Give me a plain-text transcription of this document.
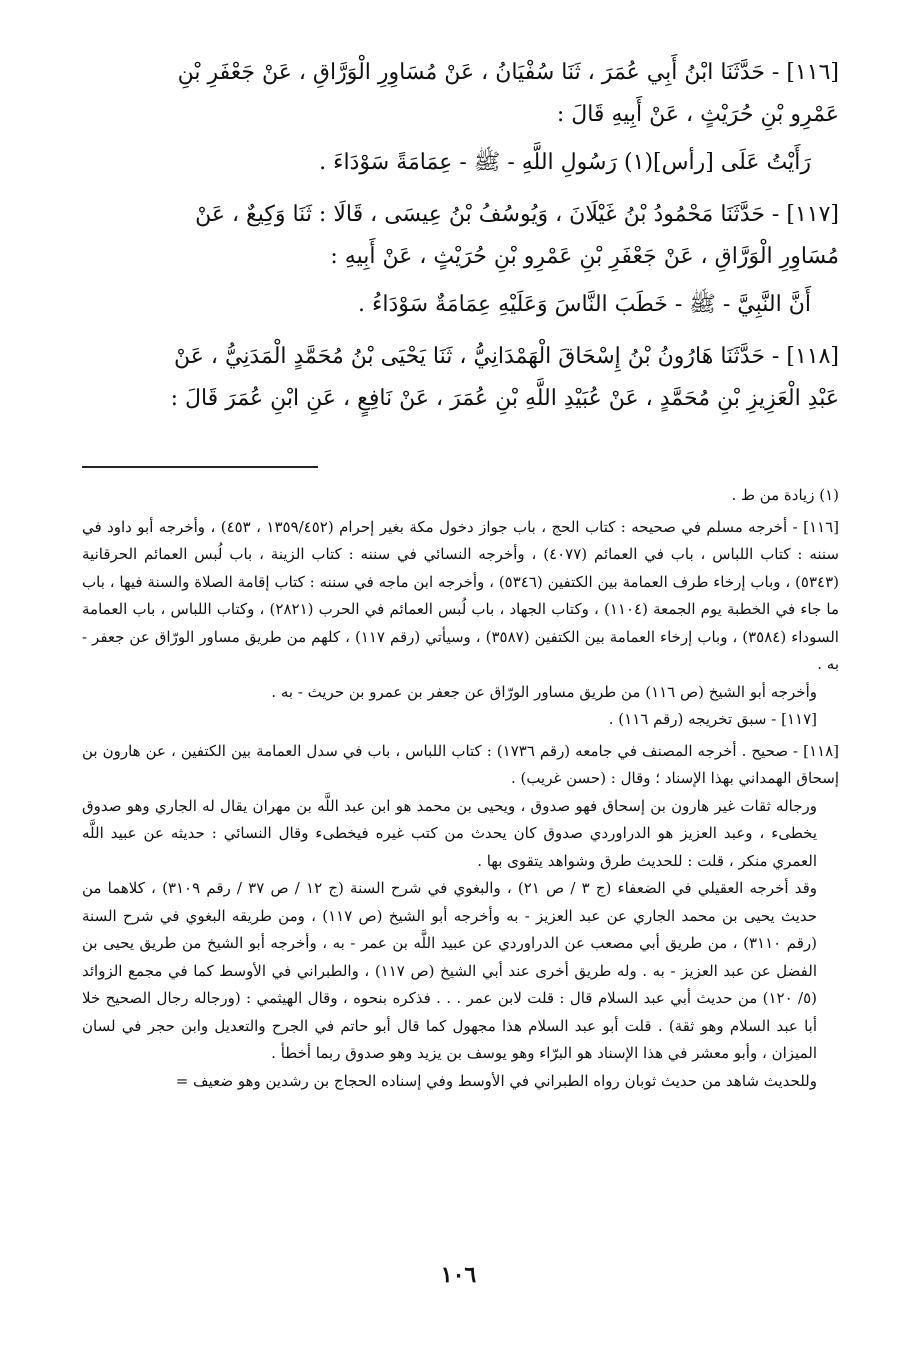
[١١٦] - حَدَّثَنَا ابْنُ أَبِي عُمَرَ ، ثَنَا سُفْيَانُ ، عَنْ مُسَاوِرِ الْوَرَّاقِ ، عَنْ جَعْفَرِ بْنِ

عَمْرِو بْنِ حُرَيْثٍ ، عَنْ أَبِيهِ قَالَ :

رَأَيْتُ عَلَى [رأس](١) رَسُولِ اللَّهِ - ﷺ - عِمَامَةً سَوْدَاءَ .

[١١٧] - حَدَّثَنَا مَحْمُودُ بْنُ غَيْلَانَ ، وَيُوسُفُ بْنُ عِيسَى ، قَالَا : ثَنَا وَكِيعٌ ، عَنْ

مُسَاوِرِ الْوَرَّاقِ ، عَنْ جَعْفَرِ بْنِ عَمْرِو بْنِ حُرَيْثٍ ، عَنْ أَبِيهِ :

أَنَّ النَّبِيَّ - ﷺ - خَطَبَ النَّاسَ وَعَلَيْهِ عِمَامَةٌ سَوْدَاءُ .

[١١٨] - حَدَّثَنَا هَارُونُ بْنُ إِسْحَاقَ الْهَمْدَانِيُّ ، ثَنَا يَحْيَى بْنُ مُحَمَّدٍ الْمَدَنِيُّ ، عَنْ

عَبْدِ الْعَزِيزِ بْنِ مُحَمَّدٍ ، عَنْ عُبَيْدِ اللَّهِ بْنِ عُمَرَ ، عَنْ نَافِعٍ ، عَنِ ابْنِ عُمَرَ قَالَ :

(١) زيادة من ط .

[١١٦] - أخرجه مسلم في صحيحه : كتاب الحج ، باب جواز دخول مكة بغير إحرام (١٣٥٩/٤٥٢ ، ٤٥٣) ، وأخرجه أبو داود في سننه : كتاب اللباس ، باب في العمائم (٤٠٧٧) ، وأخرجه النسائي في سننه : كتاب الزينة ، باب لُبس العمائم الحرقانية (٥٣٤٣) ، وباب إرخاء طرف العمامة بين الكتفين (٥٣٤٦) ، وأخرجه ابن ماجه في سننه : كتاب إقامة الصلاة والسنة فيها ، باب ما جاء في الخطبة يوم الجمعة (١١٠٤) ، وكتاب الجهاد ، باب لُبس العمائم في الحرب (٢٨٢١) ، وكتاب اللباس ، باب العمامة السوداء (٣٥٨٤) ، وباب إرخاء العمامة بين الكتفين (٣٥٨٧) ، وسيأتي (رقم ١١٧) ، كلهم من طريق مساور الورّاق عن جعفر - به .

وأخرجه أبو الشيخ (ص ١١٦) من طريق مساور الورّاق عن جعفر بن عمرو بن حريث - به .

[١١٧] - سبق تخريجه (رقم ١١٦) .

[١١٨] - صحيح . أخرجه المصنف في جامعه (رقم ١٧٣٦) : كتاب اللباس ، باب في سدل العمامة بين الكتفين ، عن هارون بن إسحاق الهمداني بهذا الإسناد ؛ وقال : (حسن غريب) .

ورجاله ثقات غير هارون بن إسحاق فهو صدوق ، ويحيى بن محمد هو ابن عبد اللَّه بن مهران يقال له الجاري وهو صدوق يخطىء ، وعبد العزيز هو الدراوردي صدوق كان يحدث من كتب غيره فيخطىء وقال النسائي : حديثه عن عبيد اللَّه العمري منكر ، قلت : للحديث طرق وشواهد يتقوى بها .

وقد أخرجه العقيلي في الضعفاء (ج ٣ / ص ٢١) ، والبغوي في شرح السنة (ج ١٢ / ص ٣٧ / رقم ٣١٠٩) ، كلاهما من حديث يحيى بن محمد الجاري عن عبد العزيز - به وأخرجه أبو الشيخ (ص ١١٧) ، ومن طريقه البغوي في شرح السنة (رقم ٣١١٠) ، من طريق أبي مصعب عن الدراوردي عن عبيد اللَّه بن عمر - به ، وأخرجه أبو الشيخ من طريق يحيى بن الفضل عن عبد العزيز - به . وله طريق أخرى عند أبي الشيخ (ص ١١٧) ، والطبراني في الأوسط كما في مجمع الزوائد (٥/ ١٢٠) من حديث أبي عبد السلام قال : قلت لابن عمر . . . فذكره بنحوه ، وقال الهيثمي : (ورجاله رجال الصحيح خلا أبا عبد السلام وهو ثقة) . قلت أبو عبد السلام هذا مجهول كما قال أبو حاتم في الجرح والتعديل وابن حجر في لسان الميزان ، وأبو معشر في هذا الإسناد هو البرّاء وهو يوسف بن يزيد وهو صدوق ربما أخطأ .

وللحديث شاهد من حديث ثوبان رواه الطبراني في الأوسط وفي إسناده الحجاج بن رشدين وهو ضعيف =

١٠٦
